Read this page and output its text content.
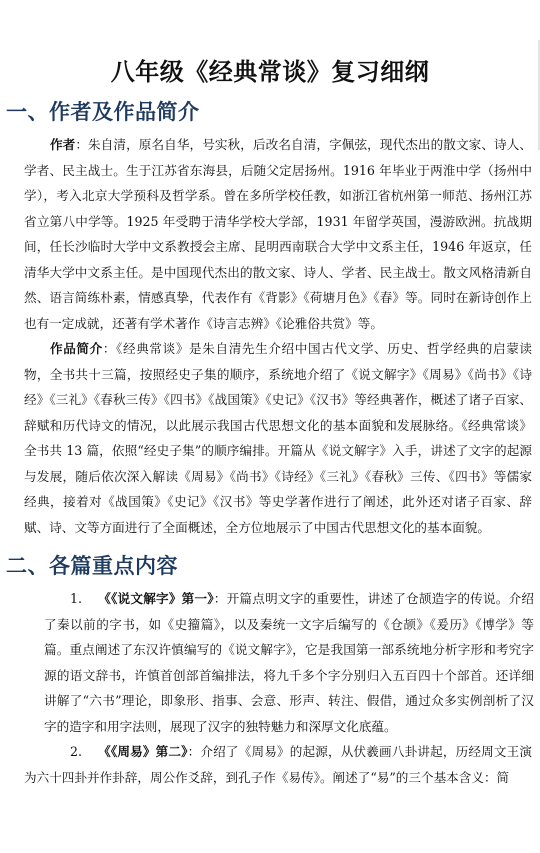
八年级《经典常谈》复习细纲
一、作者及作品简介

作者：朱自清，原名自华，号实秋，后改名自清，字佩弦，现代杰出的散文家、诗人、学者、民主战士。生于江苏省东海县，后随父定居扬州。1916 年毕业于两淮中学（扬州中学），考入北京大学预科及哲学系。曾在多所学校任教，如浙江省杭州第一师范、扬州江苏省立第八中学等。1925 年受聘于清华学校大学部，1931 年留学英国，漫游欧洲。抗战期间，任长沙临时大学中文系教授会主席、昆明西南联合大学中文系主任，1946 年返京，任清华大学中文系主任。是中国现代杰出的散文家、诗人、学者、民主战士。散文风格清新自然、语言简练朴素，情感真挚，代表作有《背影》《荷塘月色》《春》等。同时在新诗创作上也有一定成就，还著有学术著作《诗言志辨》《论雅俗共赏》等。

作品简介：《经典常谈》是朱自清先生介绍中国古代文学、历史、哲学经典的启蒙读物，全书共十三篇，按照经史子集的顺序，系统地介绍了《说文解字》《周易》《尚书》《诗经》《三礼》《春秋三传》《四书》《战国策》《史记》《汉书》等经典著作，概述了诸子百家、辞赋和历代诗文的情况，以此展示我国古代思想文化的基本面貌和发展脉络。《经典常谈》全书共 13 篇，依照“经史子集”的顺序编排。开篇从《说文解字》入手，讲述了文字的起源与发展，随后依次深入解读《周易》《尚书》《诗经》《三礼》《春秋》三传、《四书》等儒家经典，接着对《战国策》《史记》《汉书》等史学著作进行了阐述，此外还对诸子百家、辞赋、诗、文等方面进行了全面概述，全方位地展示了中国古代思想文化的基本面貌。

二、各篇重点内容

1. 《《说文解字》第一》：开篇点明文字的重要性，讲述了仓颉造字的传说。介绍了秦以前的字书，如《史籀篇》，以及秦统一文字后编写的《仓颉》《爰历》《博学》等篇。重点阐述了东汉许慎编写的《说文解字》，它是我国第一部系统地分析字形和考究字源的语文辞书，许慎首创部首编排法，将九千多个字分别归入五百四十个部首。还详细讲解了“六书”理论，即象形、指事、会意、形声、转注、假借，通过众多实例剖析了汉字的造字和用字法则，展现了汉字的独特魅力和深厚文化底蕴。

2. 《《周易》第二》：介绍了《周易》的起源，从伏羲画八卦讲起，历经周文王演为六十四卦并作卦辞，周公作爻辞，到孔子作《易传》。阐述了“易”的三个基本含义：简
